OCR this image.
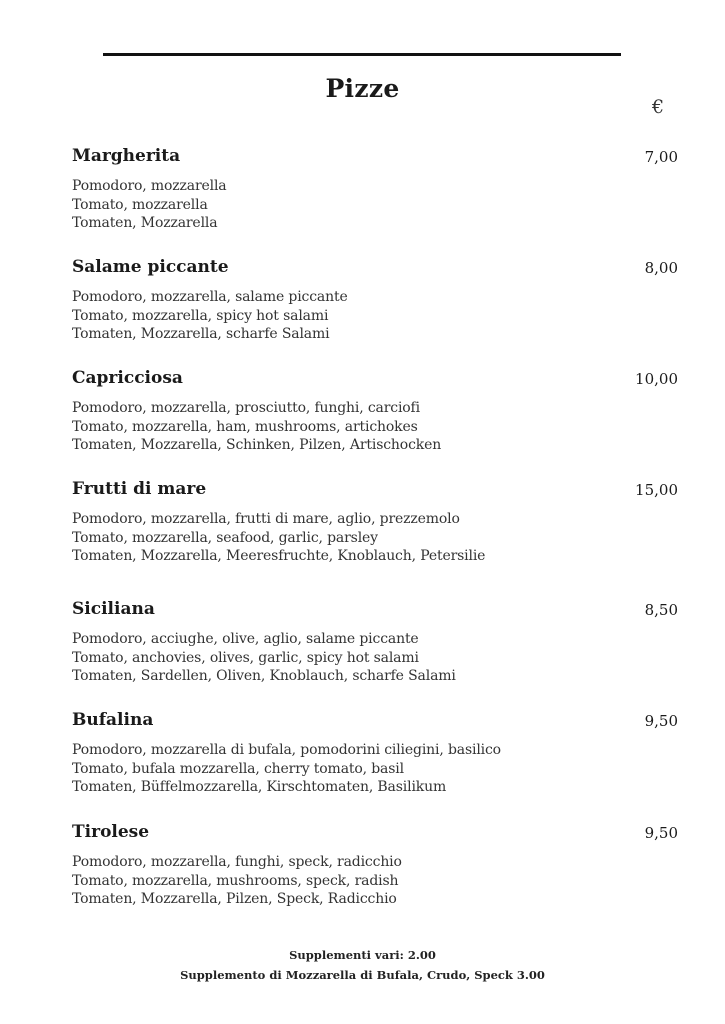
Pizze
€
Margherita	7,00
Pomodoro, mozzarella
Tomato, mozzarella
Tomaten, Mozzarella
Salame piccante	8,00
Pomodoro, mozzarella, salame piccante
Tomato, mozzarella, spicy hot salami
Tomaten, Mozzarella, scharfe Salami
Capricciosa	10,00
Pomodoro, mozzarella, prosciutto, funghi, carciofi
Tomato, mozzarella, ham, mushrooms, artichokes
Tomaten, Mozzarella, Schinken, Pilzen, Artischocken
Frutti di mare	15,00
Pomodoro, mozzarella, frutti di mare, aglio, prezzemolo
Tomato, mozzarella, seafood, garlic, parsley
Tomaten, Mozzarella, Meeresfruchte, Knoblauch, Petersilie
Siciliana	8,50
Pomodoro, acciughe, olive, aglio, salame piccante
Tomato, anchovies, olives, garlic, spicy hot salami
Tomaten, Sardellen, Oliven, Knoblauch, scharfe Salami
Bufalina	9,50
Pomodoro, mozzarella di bufala, pomodorini ciliegini, basilico
Tomato, bufala mozzarella, cherry tomato, basil
Tomaten, Büffelmozzarella, Kirschtomaten, Basilikum
Tirolese	9,50
Pomodoro, mozzarella, funghi, speck, radicchio
Tomato, mozzarella, mushrooms, speck, radish
Tomaten, Mozzarella, Pilzen, Speck, Radicchio
Supplementi vari: 2.00
Supplemento di Mozzarella di Bufala, Crudo, Speck 3.00
